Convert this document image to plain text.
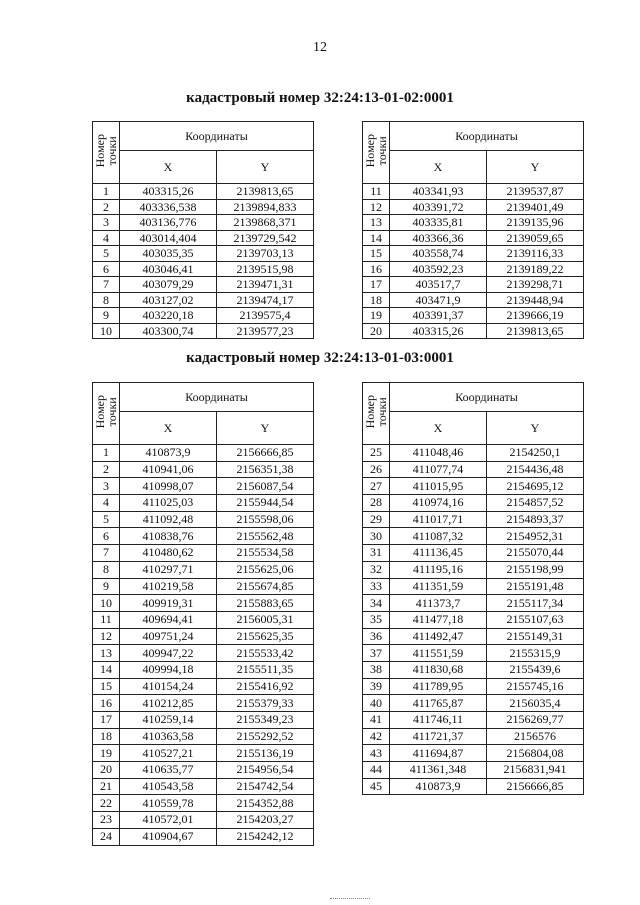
12
кадастровый номер 32:24:13-01-02:0001
Номер
точки	Координаты	
	X	Y
1	403315,26	2139813,65
2	403336,538	2139894,833
3	403136,776	2139868,371
4	403014,404	2139729,542
5	403035,35	2139703,13
6	403046,41	2139515,98
7	403079,29	2139471,31
8	403127,02	2139474,17
9	403220,18	2139575,4
10	403300,74	2139577,23
Номер
точки	Координаты	
	X	Y
11	403341,93	2139537,87
12	403391,72	2139401,49
13	403335,81	2139135,96
14	403366,36	2139059,65
15	403558,74	2139116,33
16	403592,23	2139189,22
17	403517,7	2139298,71
18	403471,9	2139448,94
19	403391,37	2139666,19
20	403315,26	2139813,65
кадастровый номер 32:24:13-01-03:0001
Номер
точки	Координаты	
	X	Y
1	410873,9	2156666,85
2	410941,06	2156351,38
3	410998,07	2156087,54
4	411025,03	2155944,54
5	411092,48	2155598,06
6	410838,76	2155562,48
7	410480,62	2155534,58
8	410297,71	2155625,06
9	410219,58	2155674,85
10	409919,31	2155883,65
11	409694,41	2156005,31
12	409751,24	2155625,35
13	409947,22	2155533,42
14	409994,18	2155511,35
15	410154,24	2155416,92
16	410212,85	2155379,33
17	410259,14	2155349,23
18	410363,58	2155292,52
19	410527,21	2155136,19
20	410635,77	2154956,54
21	410543,58	2154742,54
22	410559,78	2154352,88
23	410572,01	2154203,27
24	410904,67	2154242,12
Номер
точки	Координаты	
	X	Y
25	411048,46	2154250,1
26	411077,74	2154436,48
27	411015,95	2154695,12
28	410974,16	2154857,52
29	411017,71	2154893,37
30	411087,32	2154952,31
31	411136,45	2155070,44
32	411195,16	2155198,99
33	411351,59	2155191,48
34	411373,7	2155117,34
35	411477,18	2155107,63
36	411492,47	2155149,31
37	411551,59	2155315,9
38	411830,68	2155439,6
39	411789,95	2155745,16
40	411765,87	2156035,4
41	411746,11	2156269,77
42	411721,37	2156576
43	411694,87	2156804,08
44	411361,348	2156831,941
45	410873,9	2156666,85
